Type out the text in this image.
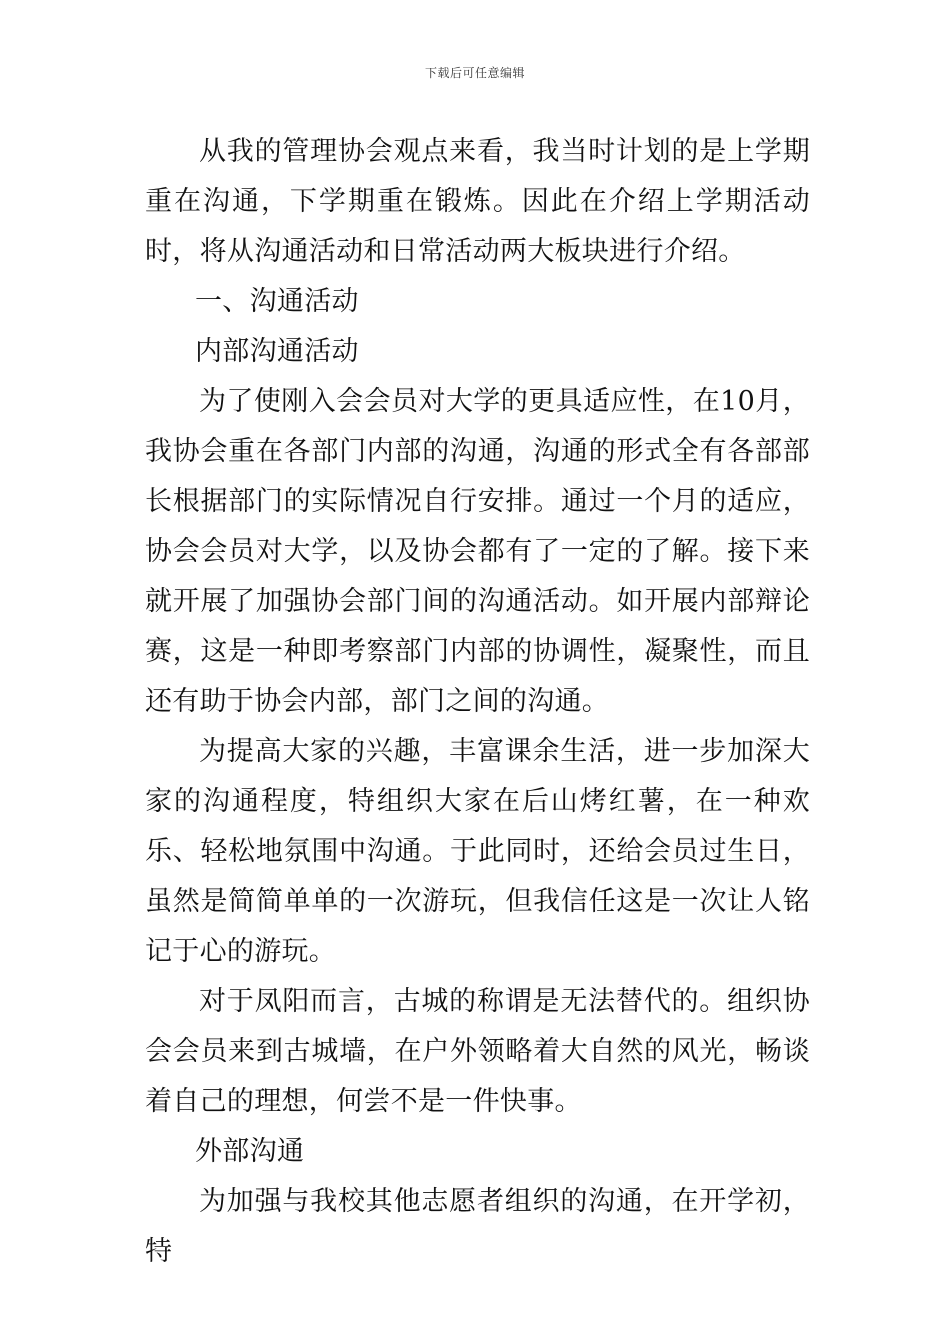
下载后可任意编辑

从我的管理协会观点来看，我当时计划的是上学期重在沟通，下学期重在锻炼。因此在介绍上学期活动时，将从沟通活动和日常活动两大板块进行介绍。

一、沟通活动

内部沟通活动

为了使刚入会会员对大学的更具适应性，在10月，我协会重在各部门内部的沟通，沟通的形式全有各部部长根据部门的实际情况自行安排。通过一个月的适应，协会会员对大学，以及协会都有了一定的了解。接下来就开展了加强协会部门间的沟通活动。如开展内部辩论赛，这是一种即考察部门内部的协调性，凝聚性，而且还有助于协会内部，部门之间的沟通。

为提高大家的兴趣，丰富课余生活，进一步加深大家的沟通程度，特组织大家在后山烤红薯，在一种欢乐、轻松地氛围中沟通。于此同时，还给会员过生日，虽然是简简单单的一次游玩，但我信任这是一次让人铭记于心的游玩。

对于凤阳而言，古城的称谓是无法替代的。组织协会会员来到古城墙，在户外领略着大自然的风光，畅谈着自己的理想，何尝不是一件快事。

外部沟通

为加强与我校其他志愿者组织的沟通，在开学初，特
